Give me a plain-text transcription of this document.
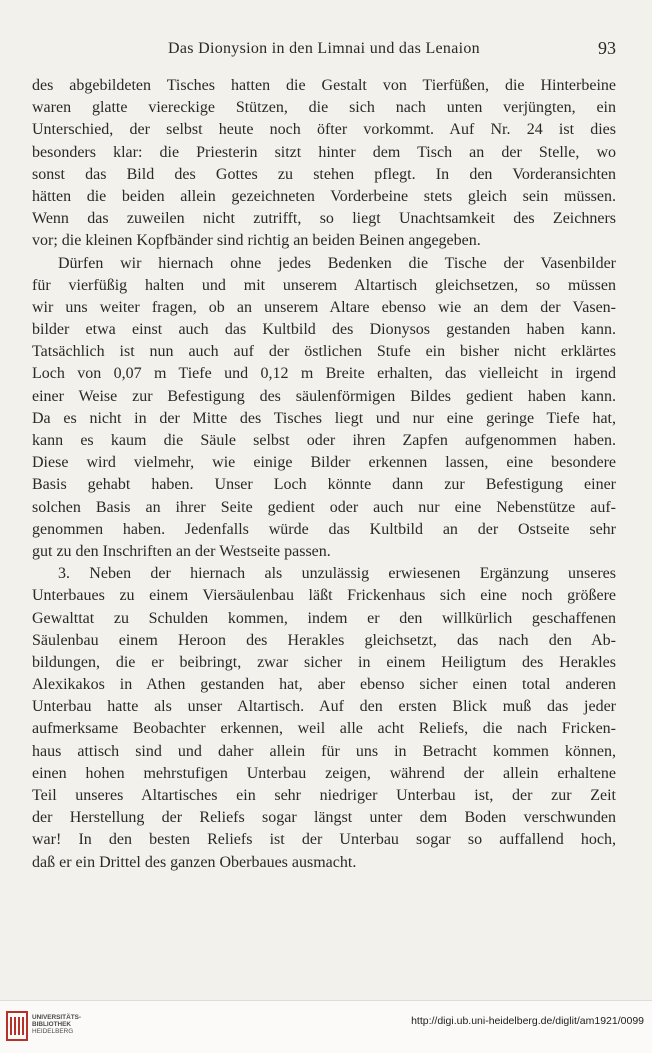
Das Dionysion in den Limnai und das Lenaion	93
des abgebildeten Tisches hatten die Gestalt von Tierfüßen, die Hinterbeine
waren glatte viereckige Stützen, die sich nach unten verjüngten, ein
Unterschied, der selbst heute noch öfter vorkommt. Auf Nr. 24 ist dies
besonders klar: die Priesterin sitzt hinter dem Tisch an der Stelle, wo
sonst das Bild des Gottes zu stehen pflegt. In den Vorderansichten
hätten die beiden allein gezeichneten Vorderbeine stets gleich sein müssen.
Wenn das zuweilen nicht zutrifft, so liegt Unachtsamkeit des Zeichners
vor; die kleinen Kopfbänder sind richtig an beiden Beinen angegeben.
Dürfen wir hiernach ohne jedes Bedenken die Tische der Vasenbilder
für vierfüßig halten und mit unserem Altartisch gleichsetzen, so müssen
wir uns weiter fragen, ob an unserem Altare ebenso wie an dem der Vasen-
bilder etwa einst auch das Kultbild des Dionysos gestanden haben kann.
Tatsächlich ist nun auch auf der östlichen Stufe ein bisher nicht erklärtes
Loch von 0,07 m Tiefe und 0,12 m Breite erhalten, das vielleicht in irgend
einer Weise zur Befestigung des säulenförmigen Bildes gedient haben kann.
Da es nicht in der Mitte des Tisches liegt und nur eine geringe Tiefe hat,
kann es kaum die Säule selbst oder ihren Zapfen aufgenommen haben.
Diese wird vielmehr, wie einige Bilder erkennen lassen, eine besondere
Basis gehabt haben. Unser Loch könnte dann zur Befestigung einer
solchen Basis an ihrer Seite gedient oder auch nur eine Nebenstütze auf-
genommen haben. Jedenfalls würde das Kultbild an der Ostseite sehr
gut zu den Inschriften an der Westseite passen.
3. Neben der hiernach als unzulässig erwiesenen Ergänzung unseres
Unterbaues zu einem Viersäulenbau läßt Frickenhaus sich eine noch größere
Gewalttat zu Schulden kommen, indem er den willkürlich geschaffenen
Säulenbau einem Heroon des Herakles gleichsetzt, das nach den Ab-
bildungen, die er beibringt, zwar sicher in einem Heiligtum des Herakles
Alexikakos in Athen gestanden hat, aber ebenso sicher einen total anderen
Unterbau hatte als unser Altartisch. Auf den ersten Blick muß das jeder
aufmerksame Beobachter erkennen, weil alle acht Reliefs, die nach Fricken-
haus attisch sind und daher allein für uns in Betracht kommen können,
einen hohen mehrstufigen Unterbau zeigen, während der allein erhaltene
Teil unseres Altartisches ein sehr niedriger Unterbau ist, der zur Zeit
der Herstellung der Reliefs sogar längst unter dem Boden verschwunden
war! In den besten Reliefs ist der Unterbau sogar so auffallend hoch,
daß er ein Drittel des ganzen Oberbaues ausmacht.
UNIVERSITÄTS-
BIBLIOTHEK
HEIDELBERG
http://digi.ub.uni-heidelberg.de/diglit/am1921/0099
